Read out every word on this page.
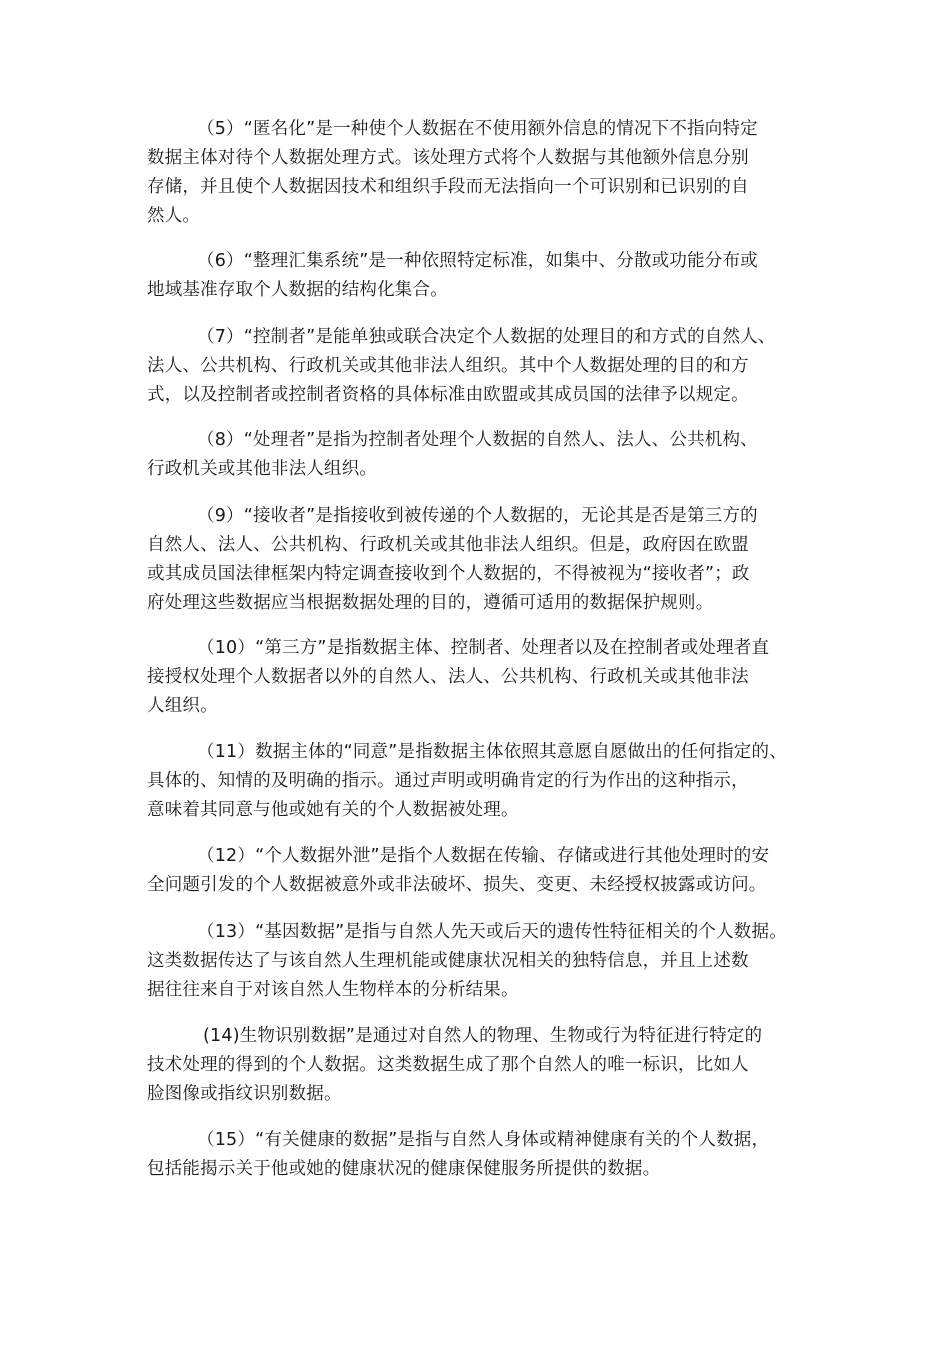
（5）“匿名化”是一种使个人数据在不使用额外信息的情况下不指向特定
数据主体对待个人数据处理方式。该处理方式将个人数据与其他额外信息分别
存储，并且使个人数据因技术和组织手段而无法指向一个可识别和已识别的自
然人。
（6）“整理汇集系统”是一种依照特定标准，如集中、分散或功能分布或
地域基准存取个人数据的结构化集合。
（7）“控制者”是能单独或联合决定个人数据的处理目的和方式的自然人、
法人、公共机构、行政机关或其他非法人组织。其中个人数据处理的目的和方
式，以及控制者或控制者资格的具体标准由欧盟或其成员国的法律予以规定。
（8）“处理者”是指为控制者处理个人数据的自然人、法人、公共机构、
行政机关或其他非法人组织。
（9）“接收者”是指接收到被传递的个人数据的，无论其是否是第三方的
自然人、法人、公共机构、行政机关或其他非法人组织。但是，政府因在欧盟
或其成员国法律框架内特定调查接收到个人数据的，不得被视为“接收者”；政
府处理这些数据应当根据数据处理的目的，遵循可适用的数据保护规则。
（10）“第三方”是指数据主体、控制者、处理者以及在控制者或处理者直
接授权处理个人数据者以外的自然人、法人、公共机构、行政机关或其他非法
人组织。
（11）数据主体的“同意”是指数据主体依照其意愿自愿做出的任何指定的、
具体的、知情的及明确的指示。通过声明或明确肯定的行为作出的这种指示，
意味着其同意与他或她有关的个人数据被处理。
（12）“个人数据外泄”是指个人数据在传输、存储或进行其他处理时的安
全问题引发的个人数据被意外或非法破坏、损失、变更、未经授权披露或访问。
（13）“基因数据”是指与自然人先天或后天的遗传性特征相关的个人数据。
这类数据传达了与该自然人生理机能或健康状况相关的独特信息，并且上述数
据往往来自于对该自然人生物样本的分析结果。
(14)生物识别数据”是通过对自然人的物理、生物或行为特征进行特定的
技术处理的得到的个人数据。这类数据生成了那个自然人的唯一标识，比如人
脸图像或指纹识别数据。
（15）“有关健康的数据”是指与自然人身体或精神健康有关的个人数据，
包括能揭示关于他或她的健康状况的健康保健服务所提供的数据。
